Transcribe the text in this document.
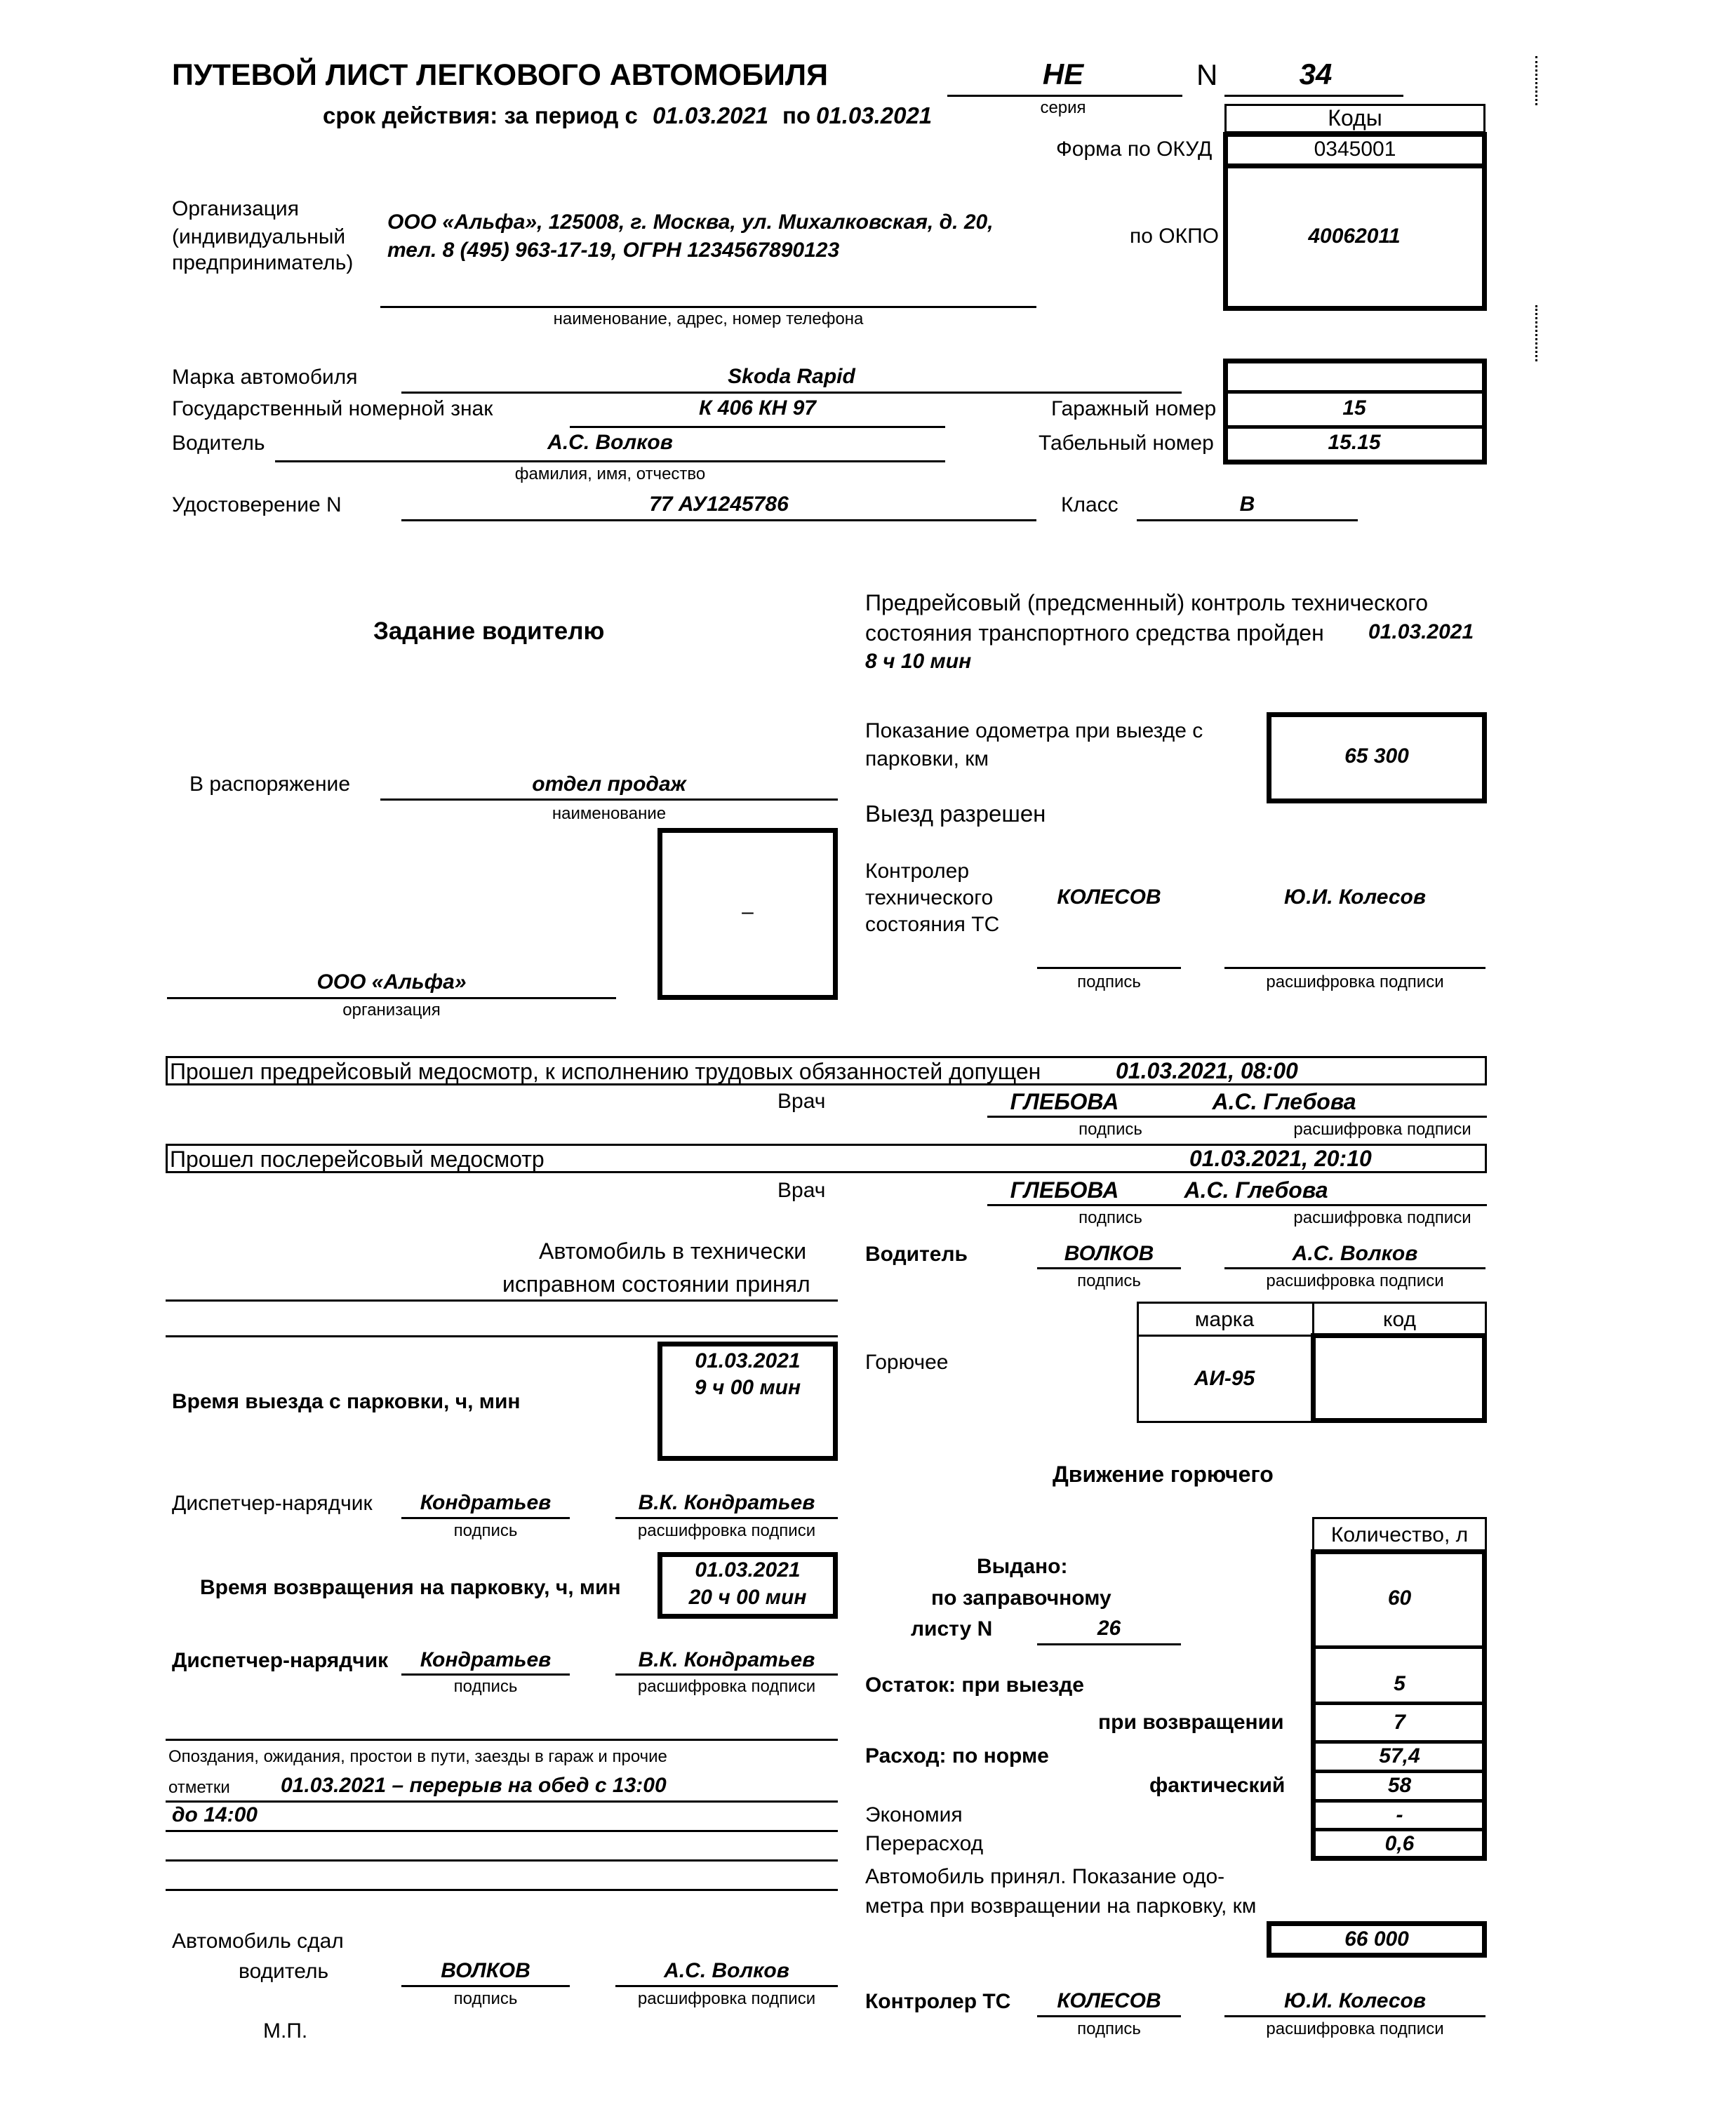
ПУТЕВОЙ ЛИСТ ЛЕГКОВОГО АВТОМОБИЛЯ	НЕ
серия
N	34
срок действия: за период с 01.03.2021 по 01.03.2021	Коды
Форма по ОКУД	0345001
по ОКПО	40062011
Организация
(индивидуальный
предприниматель)
ООО «Альфа», 125008, г. Москва, ул. Михалковская, д. 20,
тел. 8 (495) 963-17-19, ОГРН 1234567890123
наименование, адрес, номер телефона
Марка автомобиля	Skoda Rapid
Государственный номерной знак	К 406 КН 97
Водитель	А.С. Волков
фамилия, имя, отчество
Удостоверение N	77 АУ1245786	Класс	В
Гаражный номер	15
Табельный номер	15.15
Задание водителю
В распоряжение	отдел продаж
наименование
–
ООО «Альфа»
организация
Предрейсовый (предсменный) контроль технического
состояния транспортного средства пройден 01.03.2021
8 ч 10 мин
Показание одометра при выезде с
парковки, км	65 300
Выезд разрешен
Контролер
технического
состояния ТС
КОЛЕСОВ	Ю.И. Колесов
подпись	расшифровка подписи
Прошел предрейсовый медосмотр, к исполнению трудовых обязанностей допущен	01.03.2021, 08:00
Врач	ГЛЕБОВА	А.С. Глебова
подпись	расшифровка подписи
Прошел послерейсовый медосмотр	01.03.2021, 20:10
Врач	ГЛЕБОВА	А.С. Глебова
подпись	расшифровка подписи
Автомобиль в технически
исправном состоянии принял
Водитель	ВОЛКОВ	А.С. Волков
подпись	расшифровка подписи
Горючее
марка	код
АИ-95
Время выезда с парковки, ч, мин
01.03.2021
9 ч 00 мин
Диспетчер-нарядчик	Кондратьев	В.К. Кондратьев
подпись	расшифровка подписи
Время возвращения на парковку, ч, мин
01.03.2021
20 ч 00 мин
Диспетчер-нарядчик	Кондратьев	В.К. Кондратьев
подпись	расшифровка подписи
Опоздания, ожидания, простои в пути, заезды в гараж и прочие
отметки 01.03.2021 – перерыв на обед с 13:00
до 14:00
Движение горючего
Количество, л
Выдано:
по заправочному
листу N	26
60
Остаток: при выезде	5
при возвращении	7
Расход: по норме	57,4
фактический	58
Экономия	-
Перерасход	0,6
Автомобиль принял. Показание одо-
метра при возвращении на парковку, км
66 000
Автомобиль сдал
водитель	ВОЛКОВ	А.С. Волков
подпись	расшифровка подписи
М.П.
Контролер ТС	КОЛЕСОВ	Ю.И. Колесов
подпись	расшифровка подписи
